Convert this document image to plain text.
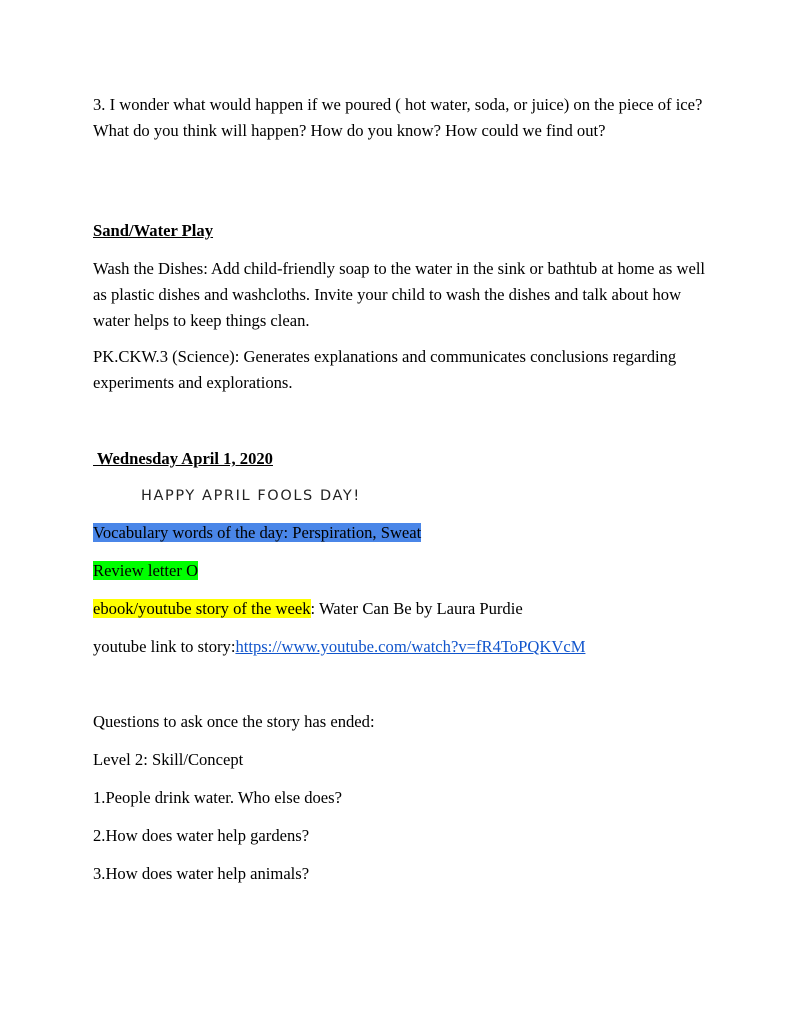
3. I wonder what would happen if we poured ( hot water, soda, or juice) on the piece of ice? What do you think will happen? How do you know? How could we find out?
Sand/Water Play
Wash the Dishes: Add child-friendly soap to the water in the sink or bathtub at home as well as plastic dishes and washcloths. Invite your child to wash the dishes and talk about how water helps to keep things clean.
PK.CKW.3 (Science): Generates explanations and communicates conclusions regarding experiments and explorations.
Wednesday April 1, 2020
HAPPY APRIL FOOLS DAY!
Vocabulary words of the day: Perspiration, Sweat
Review letter O
ebook/youtube story of the week: Water Can Be by Laura Purdie
youtube link to story:https://www.youtube.com/watch?v=fR4ToPQKVcM
Questions to ask once the story has ended:
Level 2: Skill/Concept
1.People drink water. Who else does?
2.How does water help gardens?
3.How does water help animals?
